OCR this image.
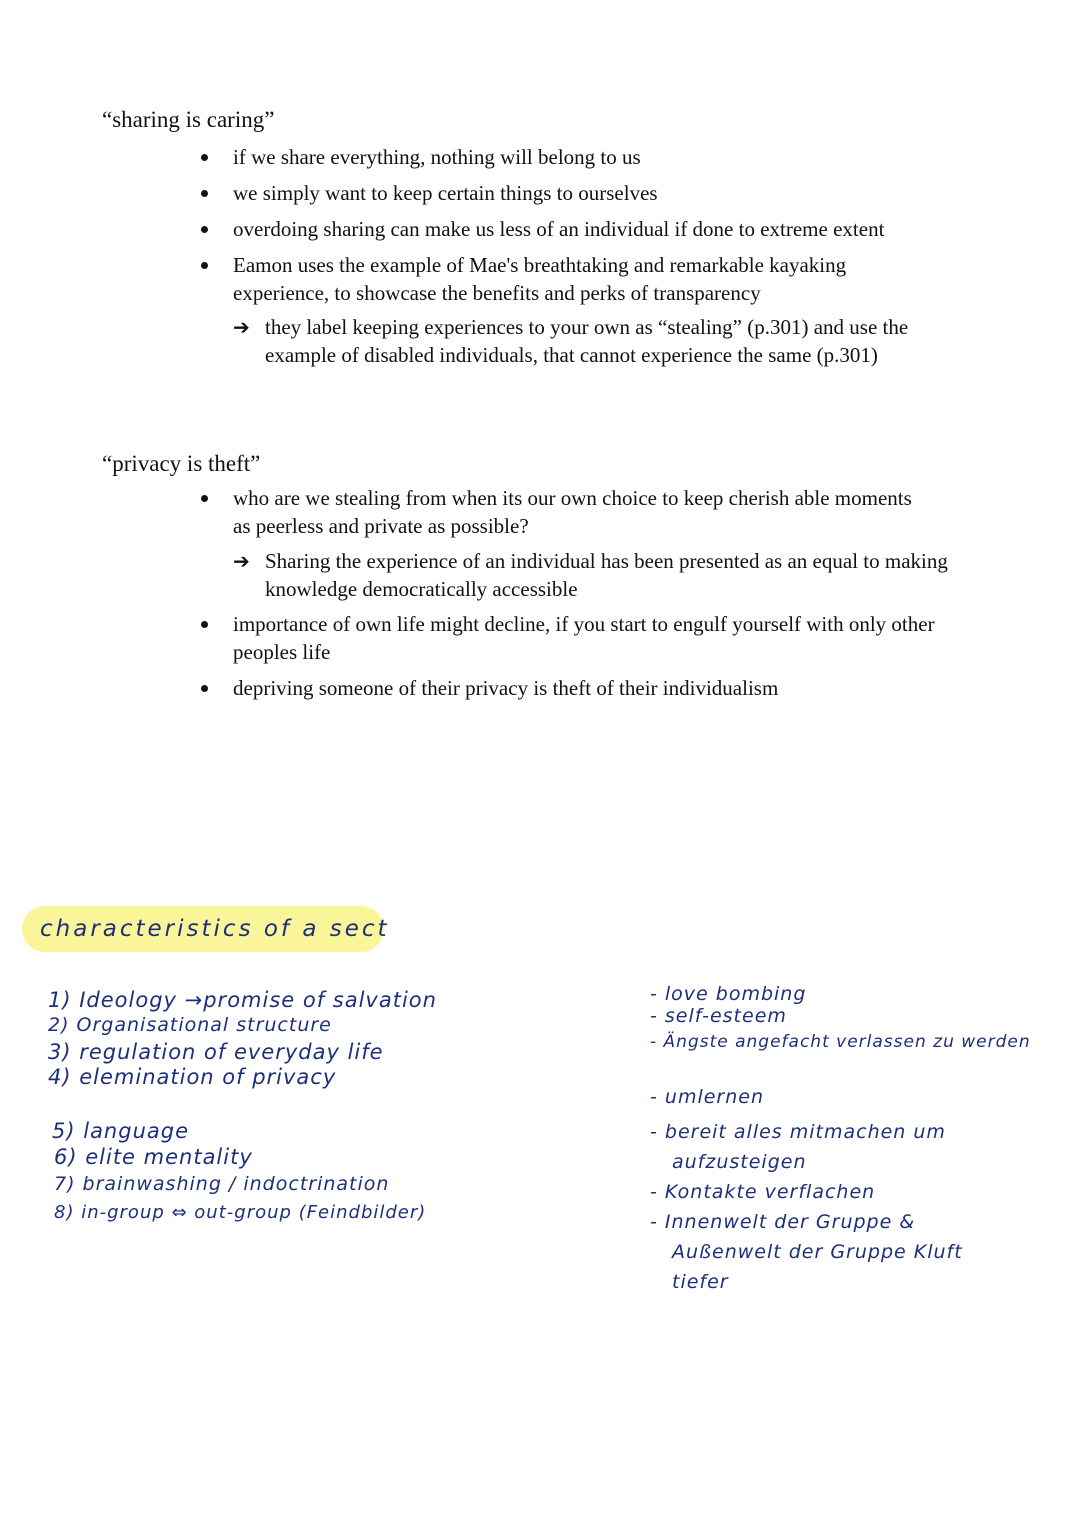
“sharing is caring”
if we share everything, nothing will belong to us
we simply want to keep certain things to ourselves
overdoing sharing can make us less of an individual if done to extreme extent
Eamon uses the example of Mae's breathtaking and remarkable kayaking experience, to showcase the benefits and perks of transparency
➔ they label keeping experiences to your own as “stealing” (p.301) and use the example of disabled individuals, that cannot experience the same (p.301)
“privacy is theft”
who are we stealing from when its our own choice to keep cherish able moments as peerless and private as possible?
➔ Sharing the experience of an individual has been presented as an equal to making knowledge democratically accessible
importance of own life might decline, if you start to engulf yourself with only other peoples life
depriving someone of their privacy is theft of their individualism
characteristics of a sect
1) Ideology →promise of salvation
2) Organisational structure
3) regulation of everyday life
4) elemination of privacy
5) language
6) elite mentality
7) brainwashing / indoctrination
8) in-group ⇔ out-group (Feindbilder)
- love bombing
- self-esteem
- Ängste angefacht verlassen zu werden
- umlernen
- bereit alles mitmachen um
aufzusteigen
- Kontakte verflachen
- Innenwelt der Gruppe &
Außenwelt der Gruppe Kluft
tiefer
